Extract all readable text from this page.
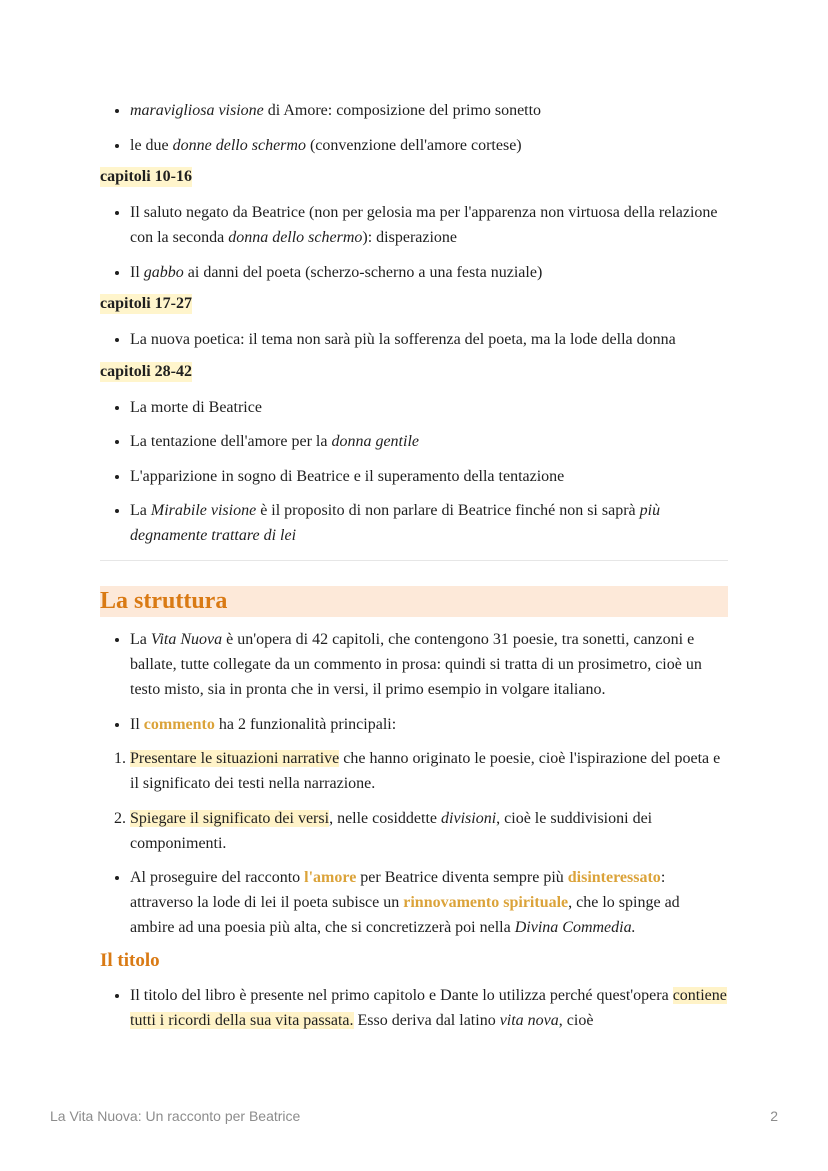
• maravigliosa visione di Amore: composizione del primo sonetto
• le due donne dello schermo (convenzione dell'amore cortese)
capitoli 10-16
• Il saluto negato da Beatrice (non per gelosia ma per l'apparenza non virtuosa della relazione con la seconda donna dello schermo): disperazione
• Il gabbo ai danni del poeta (scherzo-scherno a una festa nuziale)
capitoli 17-27
• La nuova poetica: il tema non sarà più la sofferenza del poeta, ma la lode della donna
capitoli 28-42
• La morte di Beatrice
• La tentazione dell'amore per la donna gentile
• L'apparizione in sogno di Beatrice e il superamento della tentazione
• La Mirabile visione è il proposito di non parlare di Beatrice finché non si saprà più degnamente trattare di lei
La struttura
• La Vita Nuova è un'opera di 42 capitoli, che contengono 31 poesie, tra sonetti, canzoni e ballate, tutte collegate da un commento in prosa: quindi si tratta di un prosimetro, cioè un testo misto, sia in pronta che in versi, il primo esempio in volgare italiano.
• Il commento ha 2 funzionalità principali:
1. Presentare le situazioni narrative che hanno originato le poesie, cioè l'ispirazione del poeta e il significato dei testi nella narrazione.
2. Spiegare il significato dei versi, nelle cosiddette divisioni, cioè le suddivisioni dei componimenti.
• Al proseguire del racconto l'amore per Beatrice diventa sempre più disinteressato: attraverso la lode di lei il poeta subisce un rinnovamento spirituale, che lo spinge ad ambire ad una poesia più alta, che si concretizzerà poi nella Divina Commedia.
Il titolo
• Il titolo del libro è presente nel primo capitolo e Dante lo utilizza perché quest'opera contiene tutti i ricordi della sua vita passata. Esso deriva dal latino vita nova, cioè
La Vita Nuova: Un racconto per Beatrice	2
